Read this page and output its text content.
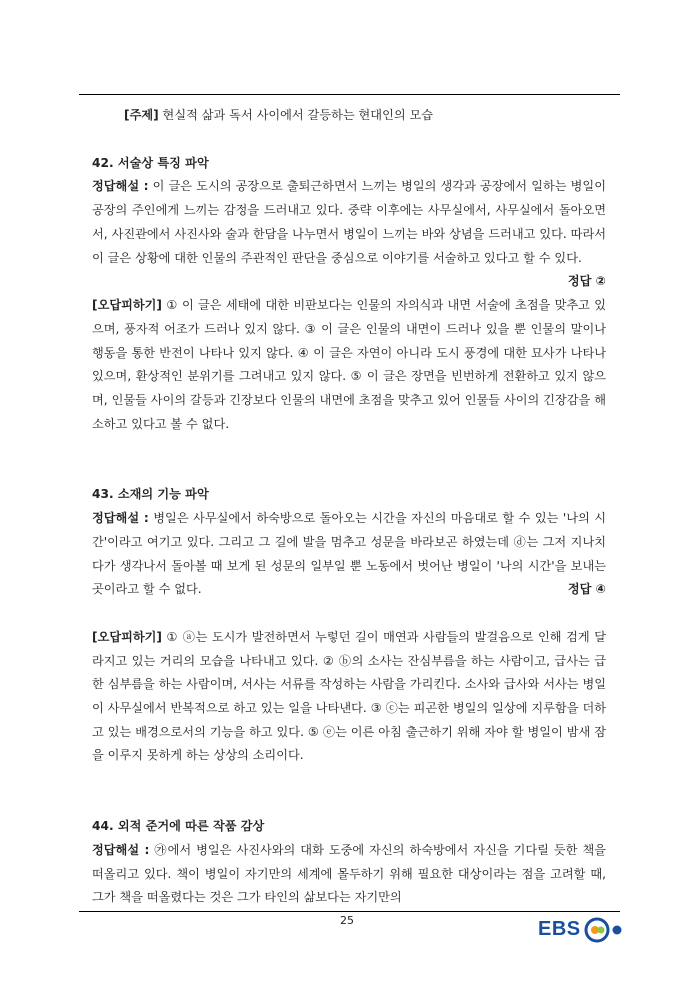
[주제] 현실적 삶과 독서 사이에서 갈등하는 현대인의 모습

42. 서술상 특징 파악

정답해설 : 이 글은 도시의 공장으로 출퇴근하면서 느끼는 병일의 생각과 공장에서 일하는 병일이 공장의 주인에게 느끼는 감정을 드러내고 있다. 중략 이후에는 사무실에서, 사무실에서 돌아오면서, 사진관에서 사진사와 술과 한담을 나누면서 병일이 느끼는 바와 상념을 드러내고 있다. 따라서 이 글은 상황에 대한 인물의 주관적인 판단을 중심으로 이야기를 서술하고 있다고 할 수 있다.
정답 ②

[오답피하기] ① 이 글은 세태에 대한 비판보다는 인물의 자의식과 내면 서술에 초점을 맞추고 있으며, 풍자적 어조가 드러나 있지 않다. ③ 이 글은 인물의 내면이 드러나 있을 뿐 인물의 말이나 행동을 통한 반전이 나타나 있지 않다. ④ 이 글은 자연이 아니라 도시 풍경에 대한 묘사가 나타나 있으며, 환상적인 분위기를 그려내고 있지 않다. ⑤ 이 글은 장면을 빈번하게 전환하고 있지 않으며, 인물들 사이의 갈등과 긴장보다 인물의 내면에 초점을 맞추고 있어 인물들 사이의 긴장감을 해소하고 있다고 볼 수 없다.

43. 소재의 기능 파악

정답해설 : 병일은 사무실에서 하숙방으로 돌아오는 시간을 자신의 마음대로 할 수 있는 '나의 시간'이라고 여기고 있다. 그리고 그 길에 발을 멈추고 성문을 바라보곤 하였는데 ⓓ는 그저 지나치다가 생각나서 돌아볼 때 보게 된 성문의 일부일 뿐 노동에서 벗어난 병일이 '나의 시간'을 보내는 곳이라고 할 수 없다.	정답 ④

[오답피하기] ① ⓐ는 도시가 발전하면서 누렇던 길이 매연과 사람들의 발걸음으로 인해 검게 달라지고 있는 거리의 모습을 나타내고 있다. ② ⓑ의 소사는 잔심부름을 하는 사람이고, 급사는 급한 심부름을 하는 사람이며, 서사는 서류를 작성하는 사람을 가리킨다. 소사와 급사와 서사는 병일이 사무실에서 반복적으로 하고 있는 일을 나타낸다. ③ ⓒ는 피곤한 병일의 일상에 지루함을 더하고 있는 배경으로서의 기능을 하고 있다. ⑤ ⓔ는 이른 아침 출근하기 위해 자야 할 병일이 밤새 잠을 이루지 못하게 하는 상상의 소리이다.

44. 외적 준거에 따른 작품 감상

정답해설 : ㉮에서 병일은 사진사와의 대화 도중에 자신의 하숙방에서 자신을 기다릴 듯한 책을 떠올리고 있다. 책이 병일이 자기만의 세계에 몰두하기 위해 필요한 대상이라는 점을 고려할 때, 그가 책을 떠올렸다는 것은 그가 타인의 삶보다는 자기만의

25	EBS
